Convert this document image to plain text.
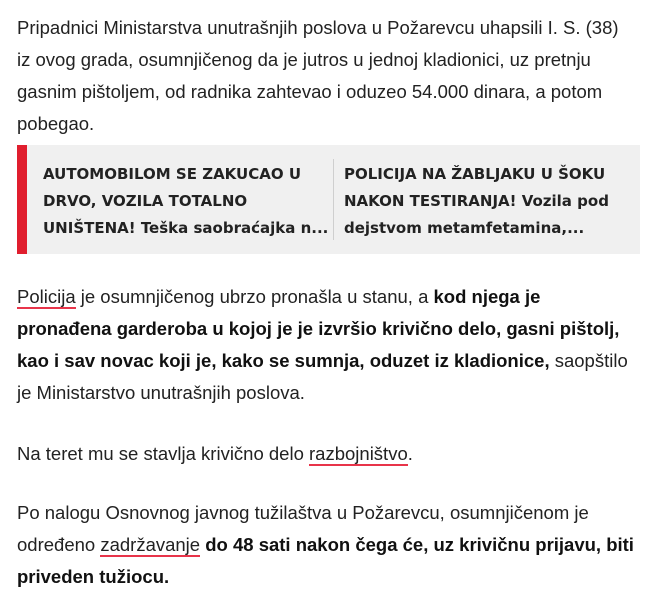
Pripadnici Ministarstva unutrašnjih poslova u Požarevcu uhapsili I. S. (38) iz ovog grada, osumnjičenog da je jutros u jednoj kladionici, uz pretnju gasnim pištoljem, od radnika zahtevao i oduzeo 54.000 dinara, a potom pobegao.

Policija je osumnjičenog ubrzo pronašla u stanu, a kod njega je pronađena garderoba u kojoj je je izvršio krivično delo, gasni pištolj, kao i sav novac koji je, kako se sumnja, oduzet iz kladionice, saopštilo je Ministarstvo unutrašnjih poslova.

Na teret mu se stavlja krivično delo razbojništvo.

Po nalogu Osnovnog javnog tužilaštva u Požarevcu, osumnjičenom je određeno zadržavanje do 48 sati nakon čega će, uz krivičnu prijavu, biti priveden tužiocu.

AUTOMOBILOM SE ZAKUCAO U DRVO, VOZILA TOTALNO UNIŠTENA! Teška saobraćajka n...
POLICIJA NA ŽABLJAKU U ŠOKU NAKON TESTIRANJA! Vozila pod dejstvom metamfetamina,...
